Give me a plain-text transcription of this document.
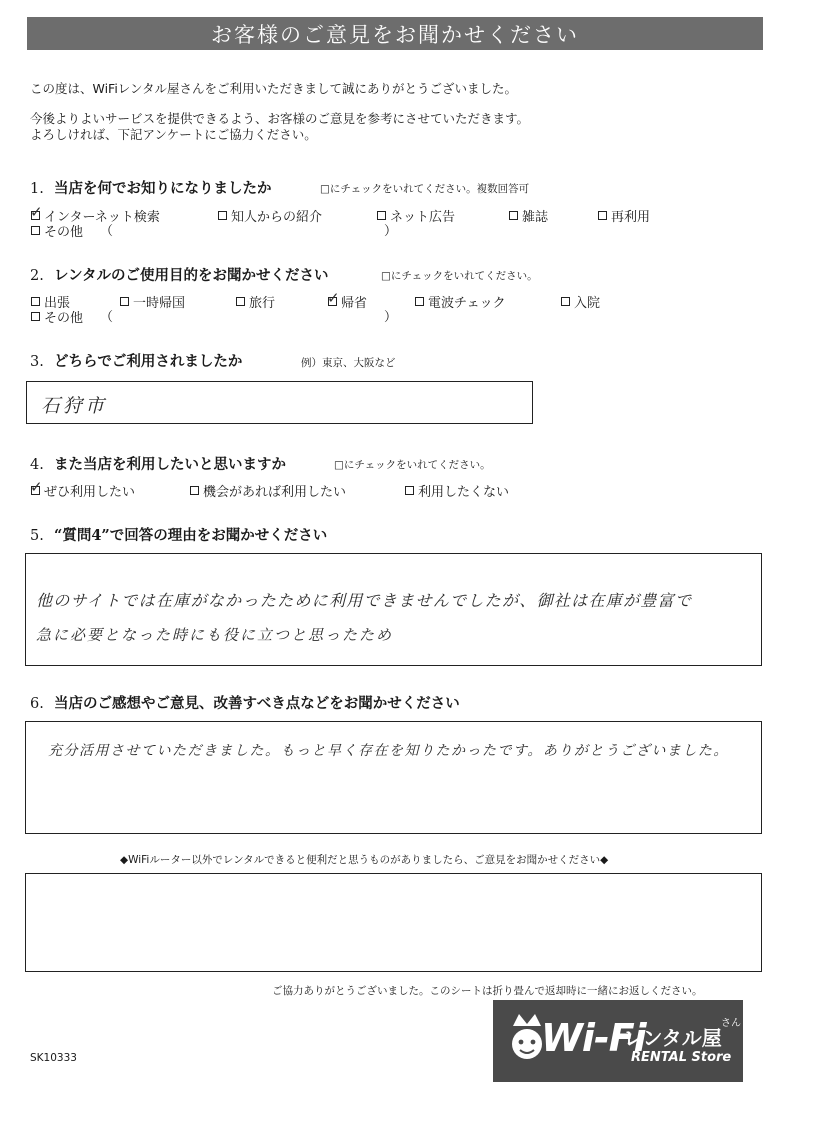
お客様のご意見をお聞かせください
この度は、WiFiレンタル屋さんをご利用いただきまして誠にありがとうございました。
今後よりよいサービスを提供できるよう、お客様のご意見を参考にさせていただきます。
よろしければ、下記アンケートにご協力ください。
1. 当店を何でお知りになりましたか	□にチェックをいれてください。複数回答可
✓ インターネット検索	知人からの紹介	ネット広告	雑誌	再利用
その他 （	）
2. レンタルのご使用目的をお聞かせください	□にチェックをいれてください。
出張	一時帰国	旅行	✓ 帰省	電波チェック	入院
その他 （	）
3. どちらでご利用されましたか	例）東京、大阪など
石狩市
4. また当店を利用したいと思いますか	□にチェックをいれてください。
✓ ぜひ利用したい	機会があれば利用したい	利用したくない
5. “質問4”で回答の理由をお聞かせください
他のサイトでは在庫がなかったために利用できませんでしたが、御社は在庫が豊富で
急に必要となった時にも役に立つと思ったため
6. 当店のご感想やご意見、改善すべき点などをお聞かせください
充分活用させていただきました。もっと早く存在を知りたかったです。ありがとうございました。
◆WiFiルーター以外でレンタルできると便利だと思うものがありましたら、ご意見をお聞かせください◆
ご協力ありがとうございました。このシートは折り畳んで返却時に一緒にお返しください。
SK10333	Wi-Fi
レンタル屋
さん
RENTAL Store
